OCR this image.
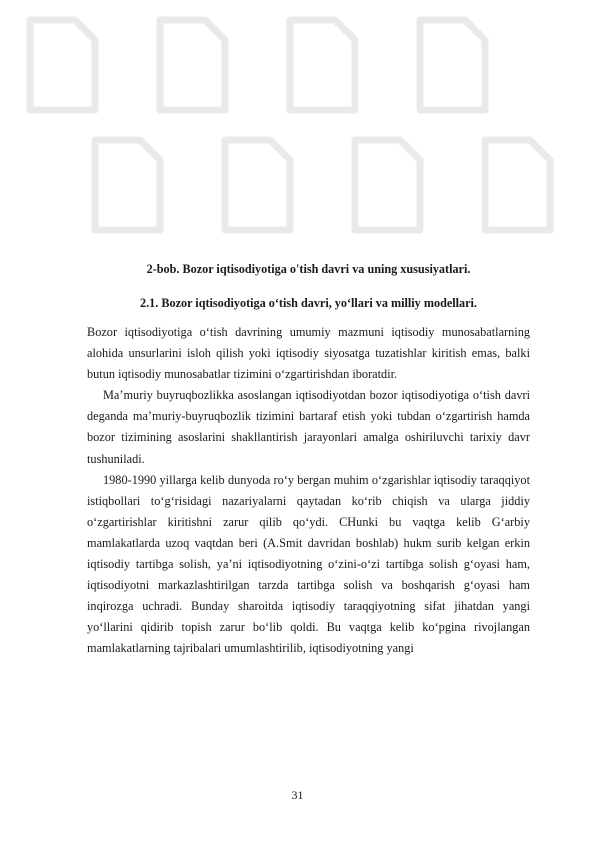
2-bob. Bozor iqtisodiyotiga o'tish davri va uning xususiyatlari.

2.1. Bozor iqtisodiyotiga o‘tish davri, yo‘llari va milliy modellari.

Bozor iqtisodiyotiga o‘tish davrining umumiy mazmuni iqtisodiy munosabatlarning alohida unsurlarini isloh qilish yoki iqtisodiy siyosatga tuzatishlar kiritish emas, balki butun iqtisodiy munosabatlar tizimini o‘zgartirishdan iboratdir.

Ma’muriy buyruqbozlikka asoslangan iqtisodiyotdan bozor iqtisodiyotiga o‘tish davri deganda ma’muriy-buyruqbozlik tizimini bartaraf etish yoki tubdan o‘zgartirish hamda bozor tizimining asoslarini shakllantirish jarayonlari amalga oshiriluvchi tarixiy davr tushuniladi.

1980-1990 yillarga kelib dunyoda ro‘y bergan muhim o‘zgarishlar iqtisodiy taraqqiyot istiqbollari to‘g‘risidagi nazariyalarni qaytadan ko‘rib chiqish va ularga jiddiy o‘zgartirishlar kiritishni zarur qilib qo‘ydi. CHunki bu vaqtga kelib G‘arbiy mamlakatlarda uzoq vaqtdan beri (A.Smit davridan boshlab) hukm surib kelgan erkin iqtisodiy tartibga solish, ya’ni iqtisodiyotning o‘zini-o‘zi tartibga solish g‘oyasi ham, iqtisodiyotni markazlashtirilgan tarzda tartibga solish va boshqarish g‘oyasi ham inqirozga uchradi. Bunday sharoitda iqtisodiy taraqqiyotning sifat jihatdan yangi yo‘llarini qidirib topish zarur bo‘lib qoldi. Bu vaqtga kelib ko‘pgina rivojlangan mamlakatlarning tajribalari umumlashtirilib, iqtisodiyotning yangi

31
